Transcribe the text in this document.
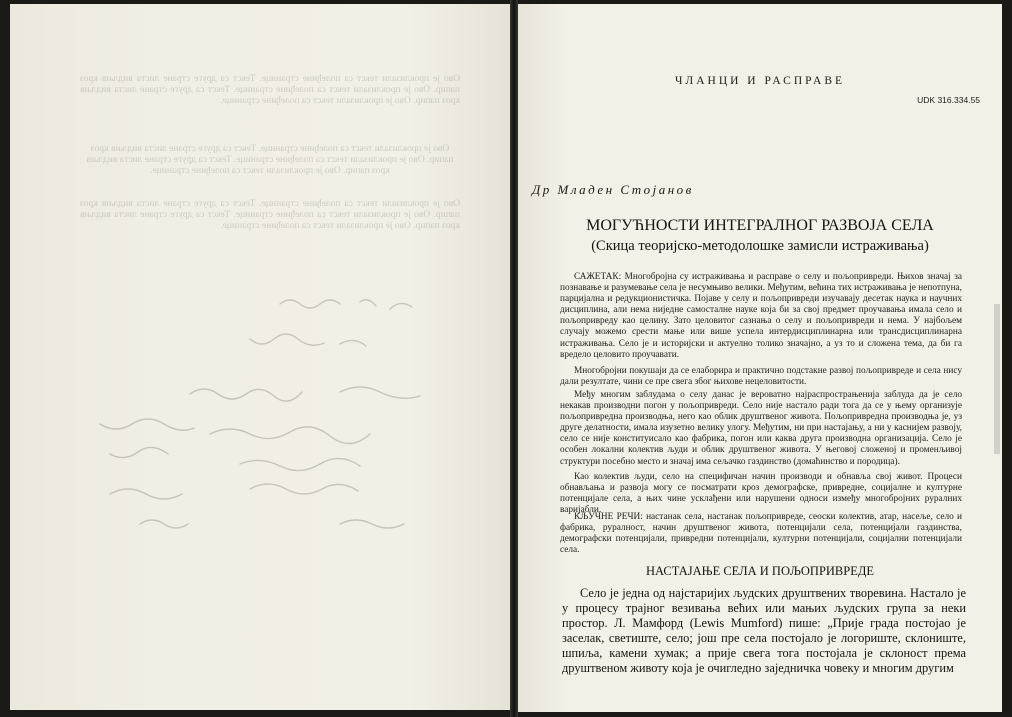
Ово је проклизали текст са полеђине странице. Текст са друге стране листа видљив кроз папир. Ово је проклизали текст са полеђине странице. Текст са друге стране листа видљив кроз папир. Ово је проклизали текст са полеђине странице.
Ово је проклизали текст са полеђине странице. Текст са друге стране листа видљив кроз папир. Ово је проклизали текст са полеђине странице. Текст са друге стране листа видљив кроз папир. Ово је проклизали текст са полеђине странице.
Ово је проклизали текст са полеђине странице. Текст са друге стране листа видљив кроз папир. Ово је проклизали текст са полеђине странице. Текст са друге стране листа видљив кроз папир. Ово је проклизали текст са полеђине странице.
ЧЛАНЦИ И РАСПРАВЕ
UDK 316.334.55
Др Младен Стојанов
МОГУЋНОСТИ ИНТЕГРАЛНОГ РАЗВОЈА СЕЛА
(Скица теоријско-методолошке замисли истраживања)

САЖЕТАК: Многобројна су истраживања и расправе о селу и пољопривреди. Њихов значај за познавање и разумевање села је несумњиво велики. Међутим, већина тих истраживања је непотпуна, парцијална и редукционистичка. Појаве у селу и пољопривреди изучавају десетак наука и научних дисциплина, али нема ниједне самосталне науке која би за свој предмет проучавања имала село и пољопривреду као целину. Зато целовитог сазнања о селу и пољопривреди и нема. У најбољем случају можемо срести мање или више успела интердисциплинарна или трансдисциплинарна истраживања. Село је и историјски и актуелно толико значајно, а уз то и сложена тема, да би га вредело целовито проучавати.

Многобројни покушаји да се елаборира и практично подстакне развој пољопривреде и села нису дали резултате, чини се пре свега због њихове нецеловитости.

Међу многим заблудама о селу данас је вероватно најраспрострањенија заблуда да је село некакав производни погон у пољопривреди. Село није настало ради тога да се у њему организује пољопривредна производња, него као облик друштвеног живота. Пољопривредна производња је, уз друге делатности, имала изузетно велику улогу. Међутим, ни при настајању, а ни у каснијем развоју, село се није конституисало као фабрика, погон или каква друга производна организација. Село је особен локални колектив људи и облик друштвеног живота. У његовој сложеној и променљивој структури посебно место и значај има сељачко газдинство (домаћинство и породица).

Као колектив људи, село на специфичан начин производи и обнавља свој живот. Процеси обнављања и развоја могу се посматрати кроз демографске, привредне, социјалне и културне потенцијале села, а њих чине усклађени или нарушени односи између многобројних руралних варијабли.

КЉУЧНЕ РЕЧИ: настанак села, настанак пољопривреде, сеоски колектив, атар, насеље, село и фабрика, руралност, начин друштвеног живота, потенцијали села, потенцијали газдинства, демографски потенцијали, привредни потенцијали, културни потенцијали, социјални потенцијали села.

НАСТАЈАЊЕ СЕЛА И ПОЉОПРИВРЕДЕ

Село је једна од најстаријих људских друштвених творевина. Настало је у процесу трајног везивања већих или мањих људских група за неки простор. Л. Мамфорд (Lewis Mumford) пише: „Прије града постојао је заселак, светиште, село; још пре села постојало је логориште, склониште, шпиља, камени хумак; а прије свега тога постојала је склоност према друштвеном животу која је очигледно заједничка човеку и многим другим
